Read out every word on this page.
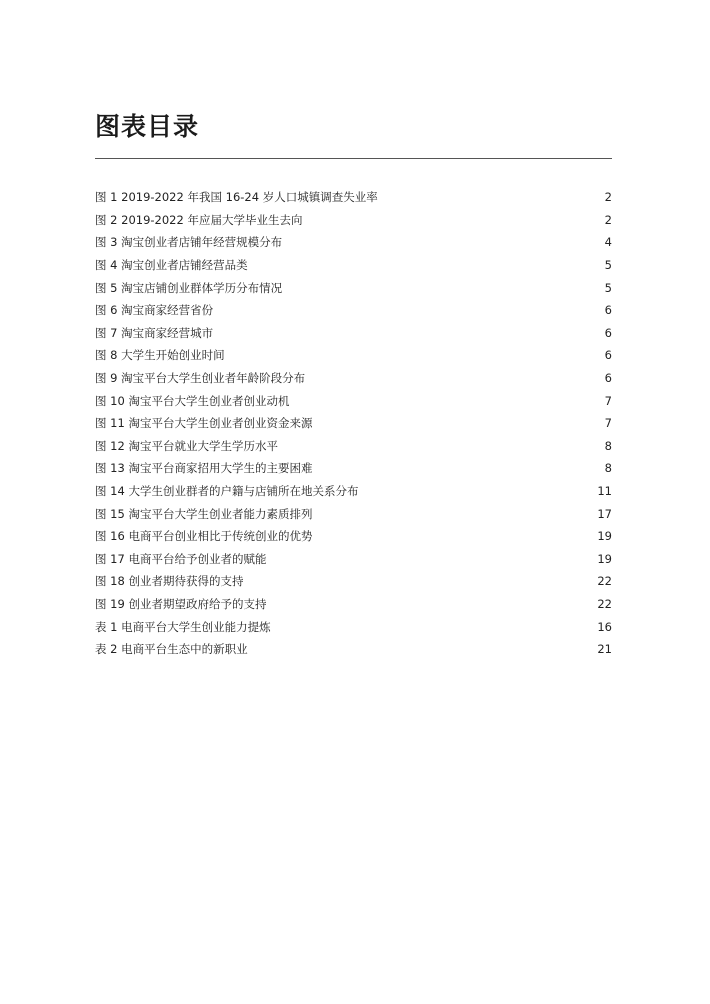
图表目录
图 1 2019-2022 年我国 16-24 岁人口城镇调查失业率	2
图 2 2019-2022 年应届大学毕业生去向	2
图 3 淘宝创业者店铺年经营规模分布	4
图 4 淘宝创业者店铺经营品类	5
图 5 淘宝店铺创业群体学历分布情况	5
图 6 淘宝商家经营省份	6
图 7 淘宝商家经营城市	6
图 8 大学生开始创业时间	6
图 9 淘宝平台大学生创业者年龄阶段分布	6
图 10 淘宝平台大学生创业者创业动机	7
图 11 淘宝平台大学生创业者创业资金来源	7
图 12 淘宝平台就业大学生学历水平	8
图 13 淘宝平台商家招用大学生的主要困难	8
图 14 大学生创业群者的户籍与店铺所在地关系分布	11
图 15 淘宝平台大学生创业者能力素质排列	17
图 16 电商平台创业相比于传统创业的优势	19
图 17 电商平台给予创业者的赋能	19
图 18 创业者期待获得的支持	22
图 19 创业者期望政府给予的支持	22
表 1 电商平台大学生创业能力提炼	16
表 2 电商平台生态中的新职业	21
